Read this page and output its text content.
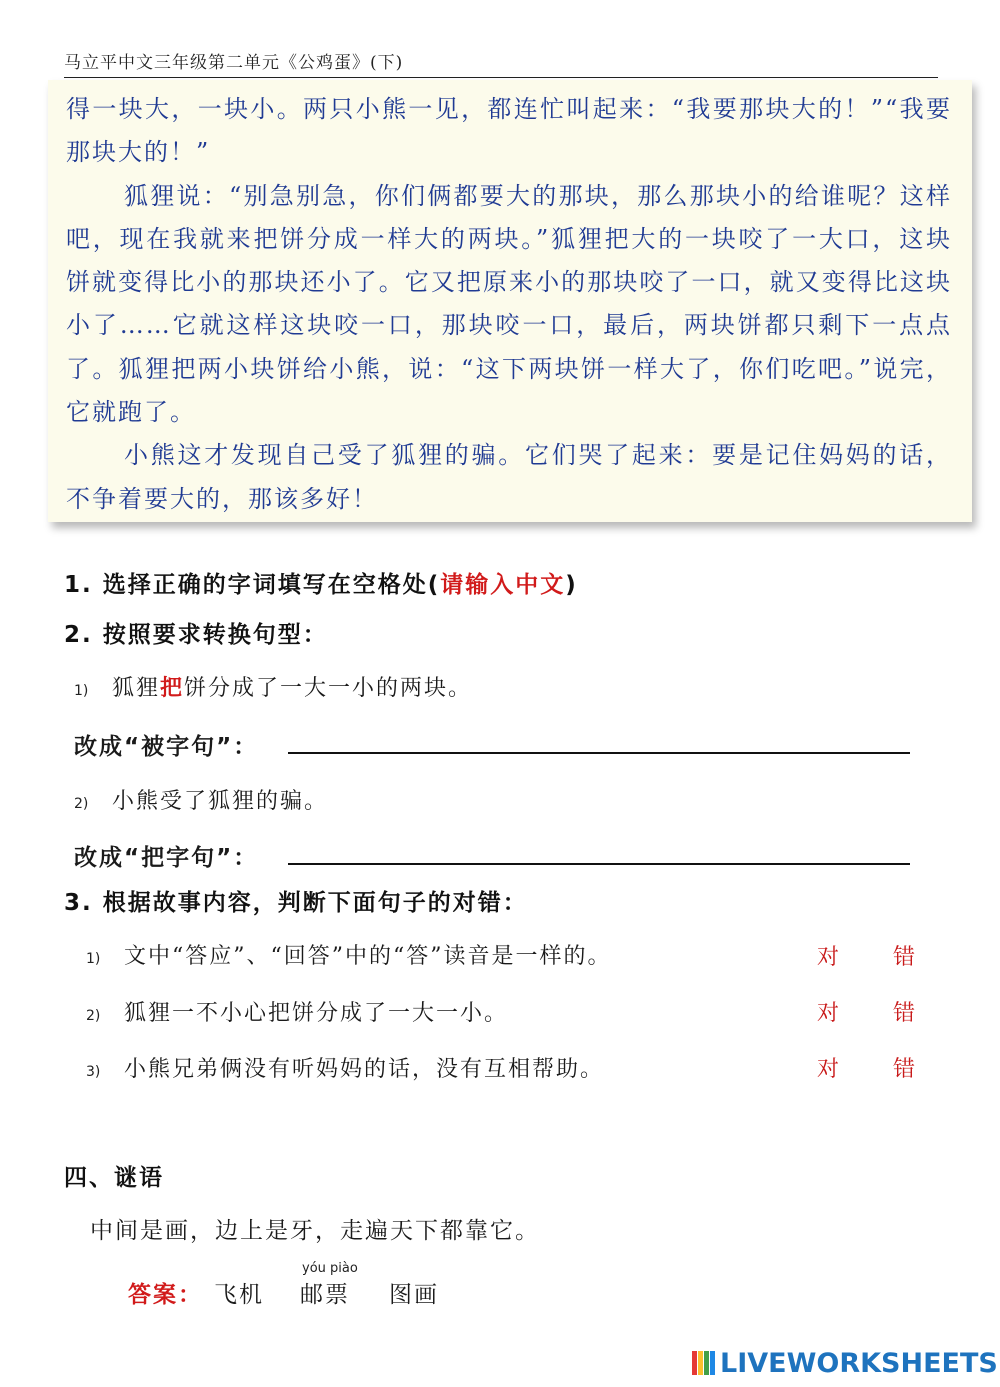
马立平中文三年级第二单元《公鸡蛋》(下)

得一块大，一块小。两只小熊一见，都连忙叫起来：“我要那块大的！”“我要那块大的！”

狐狸说：“别急别急，你们俩都要大的那块，那么那块小的给谁呢？这样吧，现在我就来把饼分成一样大的两块。”狐狸把大的一块咬了一大口，这块饼就变得比小的那块还小了。它又把原来小的那块咬了一口，就又变得比这块小了……它就这样这块咬一口，那块咬一口，最后，两块饼都只剩下一点点了。狐狸把两小块饼给小熊，说：“这下两块饼一样大了，你们吃吧。”说完，它就跑了。

小熊这才发现自己受了狐狸的骗。它们哭了起来：要是记住妈妈的话，不争着要大的，那该多好！

1. 选择正确的字词填写在空格处(请输入中文)
2. 按照要求转换句型：
1) 狐狸把饼分成了一大一小的两块。
改成“被字句”：
2) 小熊受了狐狸的骗。
改成“把字句”：
3. 根据故事内容，判断下面句子的对错：
1) 文中“答应”、“回答”中的“答”读音是一样的。	对 错
2) 狐狸一不小心把饼分成了一大一小。	对 错
3) 小熊兄弟俩没有听妈妈的话，没有互相帮助。	对 错
四、谜语
中间是画，边上是牙，走遍天下都靠它。
答案： 飞机
yóu piào
邮票 图画
LIVEWORKSHEETS
